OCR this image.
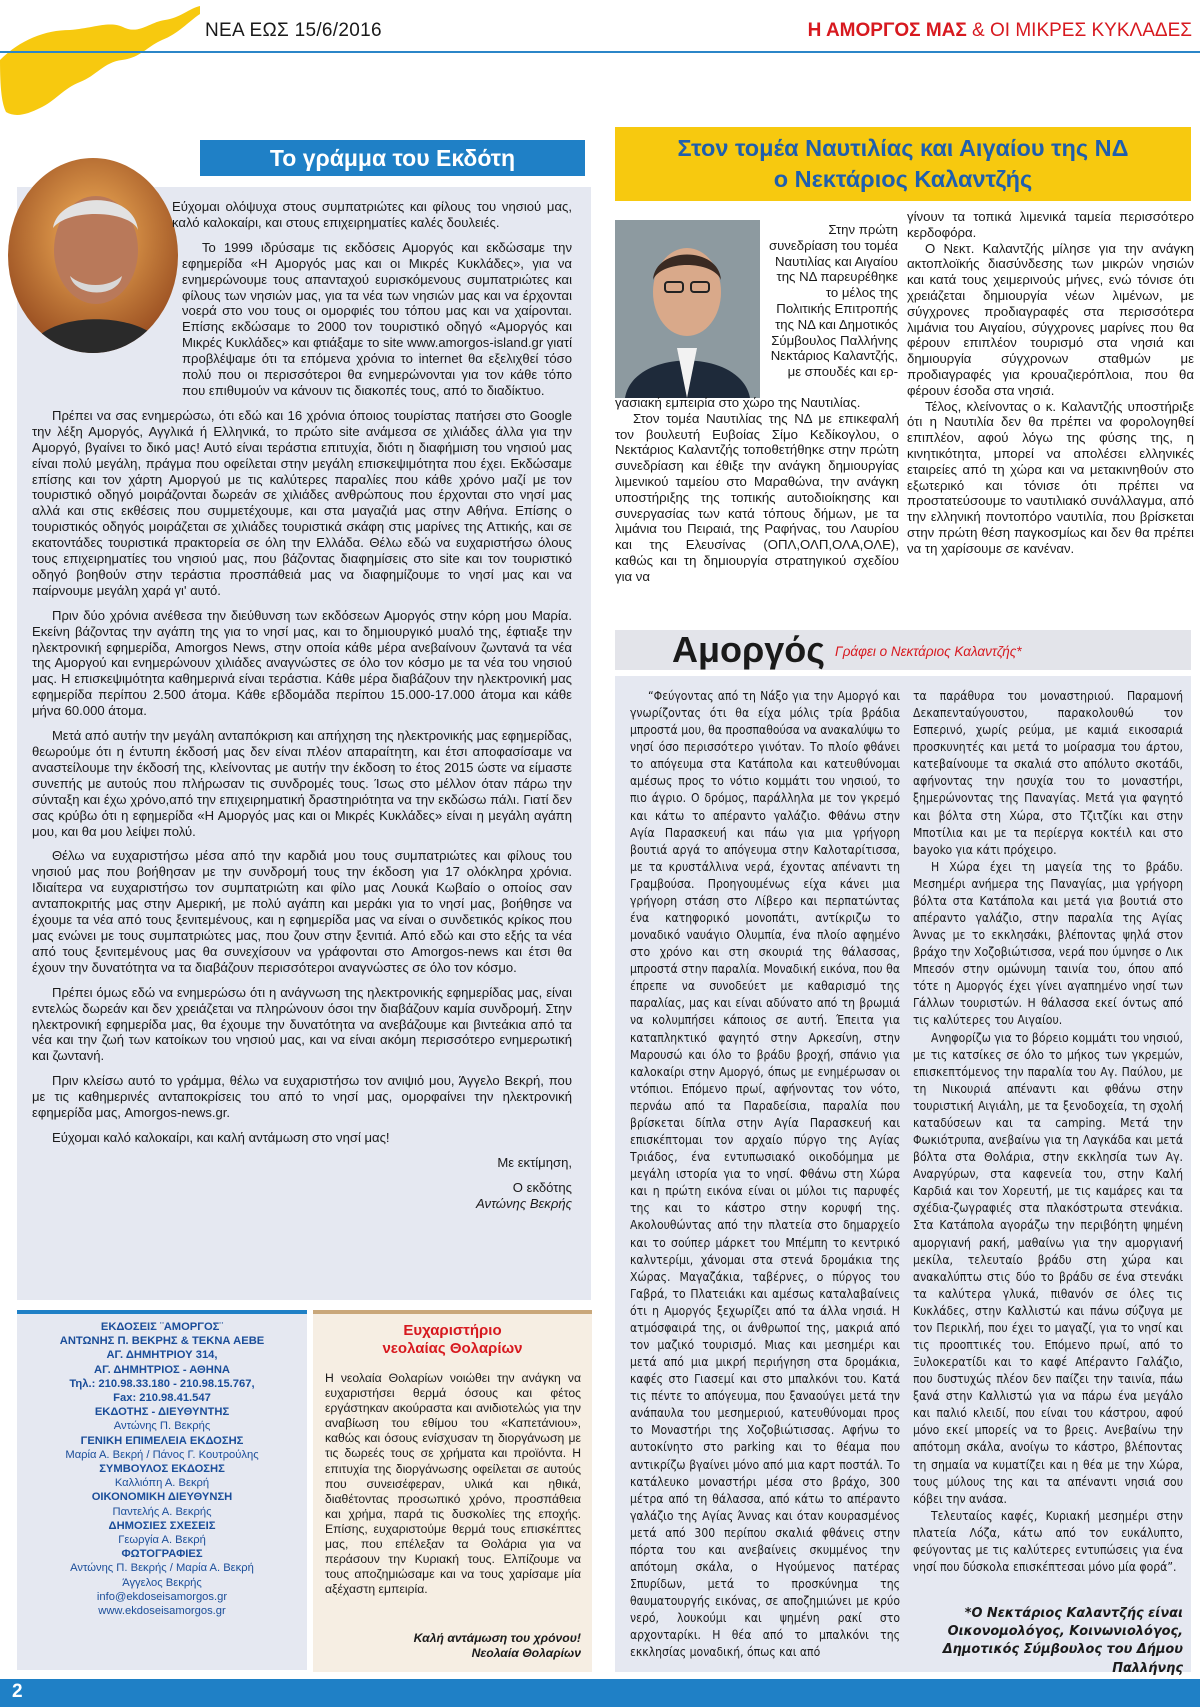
ΝΕΑ ΕΩΣ 15/6/2016	Η ΑΜΟΡΓΟΣ ΜΑΣ & ΟΙ ΜΙΚΡΕΣ ΚΥΚΛΑΔΕΣ
Το γράμμα του Εκδότη

Εύχομαι ολόψυχα στους συμπατριώτες και φίλους του νησιού μας, καλό καλοκαίρι, και στους επιχειρηματίες καλές δουλειές.

Το 1999 ιδρύσαμε τις εκδόσεις Αμοργός και εκδώσαμε την εφημερίδα «Η Αμοργός μας και οι Μικρές Κυκλάδες», για να ενημερώνουμε τους απανταχού ευρισκόμενους συμπατριώτες και φίλους των νησιών μας, για τα νέα των νησιών μας και να έρχονται νοερά στο νου τους οι ομορφιές του τόπου μας και να χαίρονται. Επίσης εκδώσαμε το 2000 τον τουριστικό οδηγό «Αμοργός και Μικρές Κυκλάδες» και φτιάξαμε το site www.amorgos-island.gr γιατί προβλέψαμε ότι τα επόμενα χρόνια το internet θα εξελιχθεί τόσο πολύ που οι περισσότεροι θα ενημερώνονται για τον κάθε τόπο που επιθυμούν να κάνουν τις διακοπές τους, από το διαδίκτυο.

Πρέπει να σας ενημερώσω, ότι εδώ και 16 χρόνια όποιος τουρίστας πατήσει στο Google την λέξη Αμοργός, Αγγλικά ή Ελληνικά, το πρώτο site ανάμεσα σε χιλιάδες άλλα για την Αμοργό, βγαίνει το δικό μας! Αυτό είναι τεράστια επιτυχία, διότι η διαφήμιση του νησιού μας είναι πολύ μεγάλη, πράγμα που οφείλεται στην μεγάλη επισκεψιμότητα που έχει. Εκδώσαμε επίσης και τον χάρτη Αμοργού με τις καλύτερες παραλίες που κάθε χρόνο μαζί με τον τουριστικό οδηγό μοιράζονται δωρεάν σε χιλιάδες ανθρώπους που έρχονται στο νησί μας αλλά και στις εκθέσεις που συμμετέχουμε, και στα μαγαζιά μας στην Αθήνα. Επίσης ο τουριστικός οδηγός μοιράζεται σε χιλιάδες τουριστικά σκάφη στις μαρίνες της Αττικής, και σε εκατοντάδες τουριστικά πρακτορεία σε όλη την Ελλάδα. Θέλω εδώ να ευχαριστήσω όλους τους επιχειρηματίες του νησιού μας, που βάζοντας διαφημίσεις στο site και τον τουριστικό οδηγό βοηθούν στην τεράστια προσπάθειά μας να διαφημίζουμε το νησί μας και να παίρνουμε μεγάλη χαρά γι' αυτό.

Πριν δύο χρόνια ανέθεσα την διεύθυνση των εκδόσεων Αμοργός στην κόρη μου Μαρία. Εκείνη βάζοντας την αγάπη της για το νησί μας, και το δημιουργικό μυαλό της, έφτιαξε την ηλεκτρονική εφημερίδα, Amorgos News, στην οποία κάθε μέρα ανεβαίνουν ζωντανά τα νέα της Αμοργού και ενημερώνουν χιλιάδες αναγνώστες σε όλο τον κόσμο με τα νέα του νησιού μας. Η επισκεψιμότητα καθημερινά είναι τεράστια. Κάθε μέρα διαβάζουν την ηλεκτρονική μας εφημερίδα περίπου 2.500 άτομα. Κάθε εβδομάδα περίπου 15.000-17.000 άτομα και κάθε μήνα 60.000 άτομα.

Μετά από αυτήν την μεγάλη ανταπόκριση και απήχηση της ηλεκτρονικής μας εφημερίδας, θεωρούμε ότι η έντυπη έκδοσή μας δεν είναι πλέον απαραίτητη, και έτσι αποφασίσαμε να αναστείλουμε την έκδοσή της, κλείνοντας με αυτήν την έκδοση το έτος 2015 ώστε να είμαστε συνεπής με αυτούς που πλήρωσαν τις συνδρομές τους. Ίσως στο μέλλον όταν πάρω την σύνταξη και έχω χρόνο,από την επιχειρηματική δραστηριότητα να την εκδώσω πάλι. Γιατί δεν σας κρύβω ότι η εφημερίδα «Η Αμοργός μας και οι Μικρές Κυκλάδες» είναι η μεγάλη αγάπη μου, και θα μου λείψει πολύ.

Θέλω να ευχαριστήσω μέσα από την καρδιά μου τους συμπατριώτες και φίλους του νησιού μας που βοήθησαν με την συνδρομή τους την έκδοση για 17 ολόκληρα χρόνια. Ιδιαίτερα να ευχαριστήσω τον συμπατριώτη και φίλο μας Λουκά Κωβαίο ο οποίος σαν ανταποκριτής μας στην Αμερική, με πολύ αγάπη και μεράκι για το νησί μας, βοήθησε να έχουμε τα νέα από τους ξενιτεμένους, και η εφημερίδα μας να είναι ο συνδετικός κρίκος που μας ενώνει με τους συμπατριώτες μας, που ζουν στην ξενιτιά. Από εδώ και στο εξής τα νέα από τους ξενιτεμένους μας θα συνεχίσουν να γράφονται στο Amorgos-news και έτσι θα έχουν την δυνατότητα να τα διαβάζουν περισσότεροι αναγνώστες σε όλο τον κόσμο.

Πρέπει όμως εδώ να ενημερώσω ότι η ανάγνωση της ηλεκτρονικής εφημερίδας μας, είναι εντελώς δωρεάν και δεν χρειάζεται να πληρώνουν όσοι την διαβάζουν καμία συνδρομή. Στην ηλεκτρονική εφημερίδα μας, θα έχουμε την δυνατότητα να ανεβάζουμε και βιντεάκια από τα νέα και την ζωή των κατοίκων του νησιού μας, και να είναι ακόμη περισσότερο ενημερωτική και ζωντανή.

Πριν κλείσω αυτό το γράμμα, θέλω να ευχαριστήσω τον ανιψιό μου, Άγγελο Βεκρή, που με τις καθημερινές ανταποκρίσεις του από το νησί μας, ομορφαίνει την ηλεκτρονική εφημερίδα μας, Amorgos-news.gr.

Εύχομαι καλό καλοκαίρι, και καλή αντάμωση στο νησί μας!

Με εκτίμηση,

Ο εκδότης

Αντώνης Βεκρής

ΕΚΔΟΣΕΙΣ ¨ΑΜΟΡΓΟΣ¨
ΑΝΤΩΝΗΣ Π. ΒΕΚΡΗΣ & ΤΕΚΝΑ ΑΕΒΕ
ΑΓ. ΔΗΜΗΤΡΙΟΥ 314,
ΑΓ. ΔΗΜΗΤΡΙΟΣ - ΑΘΗΝΑ
Τηλ.: 210.98.33.180 - 210.98.15.767,
Fax: 210.98.41.547
ΕΚΔΟΤΗΣ - ΔΙΕΥΘΥΝΤΗΣ
Αντώνης Π. Βεκρής
ΓΕΝΙΚΗ ΕΠΙΜΕΛΕΙΑ ΕΚΔΟΣΗΣ
Μαρία Α. Βεκρή / Πάνος Γ. Κουτρούλης
ΣΥΜΒΟΥΛΟΣ ΕΚΔΟΣΗΣ
Καλλιόπη Α. Βεκρή
ΟΙΚΟΝΟΜΙΚΗ ΔΙΕΥΘΥΝΣΗ
Παντελής Α. Βεκρής
ΔΗΜΟΣΙΕΣ ΣΧΕΣΕΙΣ
Γεωργία Α. Βεκρή
ΦΩΤΟΓΡΑΦΙΕΣ
Αντώνης Π. Βεκρής / Μαρία Α. Βεκρή
Άγγελος Βεκρής
info@ekdoseisamorgos.gr
www.ekdoseisamorgos.gr
Ευχαριστήριο
νεολαίας Θολαρίων
Η νεολαία Θολαρίων νοιώθει την ανάγκη να ευχαριστήσει θερμά όσους και φέτος εργάστηκαν ακούραστα και ανιδιοτελώς για την αναβίωση του εθίμου του «Καπετάνιου», καθώς και όσους ενίσχυσαν τη διοργάνωση με τις δωρεές τους σε χρήματα και προϊόντα. Η επιτυχία της διοργάνωσης οφείλεται σε αυτούς που συνεισέφεραν, υλικά και ηθικά, διαθέτοντας προσωπικό χρόνο, προσπάθεια και χρήμα, παρά τις δυσκολίες της εποχής. Επίσης, ευχαριστούμε θερμά τους επισκέπτες μας, που επέλεξαν τα Θολάρια για να περάσουν την Κυριακή τους. Ελπίζουμε να τους αποζημιώσαμε και να τους χαρίσαμε μία αξέχαστη εμπειρία.
Καλή αντάμωση του χρόνου!
Νεολαία Θολαρίων
Στον τομέα Ναυτιλίας και Αιγαίου της ΝΔ
ο Νεκτάριος Καλαντζής

Στην πρώτη συνεδρίαση του τομέα Ναυτιλίας και Αιγαίου της ΝΔ παρευρέθηκε το μέλος της Πολιτικής Επιτροπής της ΝΔ και Δημοτικός Σύμβουλος Παλλήνης Νεκτάριος Καλαντζής, με σπουδές και ερ-

γασιακή εμπειρία στο χώρο της Ναυτιλίας.

Στον τομέα Ναυτιλίας της ΝΔ με επικεφαλή τον βουλευτή Ευβοίας Σίμο Κεδίκογλου, ο Νεκτάριος Καλαντζής τοποθετήθηκε στην πρώτη συνεδρίαση και έθιξε την ανάγκη δημιουργίας λιμενικού ταμείου στο Μαραθώνα, την ανάγκη υποστήριξης της τοπικής αυτοδιοίκησης και συνεργασίας των κατά τόπους δήμων, με τα λιμάνια του Πειραιά, της Ραφήνας, του Λαυρίου και της Ελευσίνας (ΟΠΛ,ΟΛΠ,ΟΛΑ,ΟΛΕ), καθώς και τη δημιουργία στρατηγικού σχεδίου για να

γίνουν τα τοπικά λιμενικά ταμεία περισσότερο κερδοφόρα.

Ο Νεκτ. Καλαντζής μίλησε για την ανάγκη ακτοπλοϊκής διασύνδεσης των μικρών νησιών και κατά τους χειμερινούς μήνες, ενώ τόνισε ότι χρειάζεται δημιουργία νέων λιμένων, με σύγχρονες προδιαγραφές στα περισσότερα λιμάνια του Αιγαίου, σύγχρονες μαρίνες που θα φέρουν επιπλέον τουρισμό στα νησιά και δημιουργία σύγχρονων σταθμών με προδιαγραφές για κρουαζιερόπλοια, που θα φέρουν έσοδα στα νησιά.

Τέλος, κλείνοντας ο κ. Καλαντζής υποστήριξε ότι η Ναυτιλία δεν θα πρέπει να φορολογηθεί επιπλέον, αφού λόγω της φύσης της, η κινητικότητα, μπορεί να απολέσει ελληνικές εταιρείες από τη χώρα και να μετακινηθούν στο εξωτερικό και τόνισε ότι πρέπει να προστατεύσουμε το ναυτιλιακό συνάλλαγμα, από την ελληνική ποντοπόρο ναυτιλία, που βρίσκεται στην πρώτη θέση παγκοσμίως και δεν θα πρέπει να τη χαρίσουμε σε κανέναν.

Αμοργός Γράφει ο Νεκτάριος Καλαντζής*

“Φεύγοντας από τη Νάξο για την Αμοργό και γνωρίζοντας ότι θα είχα μόλις τρία βράδια μπροστά μου, θα προσπαθούσα να ανακαλύψω το νησί όσο περισσότερο γινόταν. Το πλοίο φθάνει το απόγευμα στα Κατάπολα και κατευθύνομαι αμέσως προς το νότιο κομμάτι του νησιού, το πιο άγριο. Ο δρόμος, παράλληλα με τον γκρεμό και κάτω το απέραντο γαλάζιο. Φθάνω στην Αγία Παρασκευή και πάω για μια γρήγορη βουτιά αργά το απόγευμα στην Καλοταρίτισσα, με τα κρυστάλλινα νερά, έχοντας απέναντι τη Γραμβούσα. Προηγουμένως είχα κάνει μια γρήγορη στάση στο Λίβερο και περπατώντας ένα κατηφορικό μονοπάτι, αντίκριζω το μοναδικό ναυάγιο Ολυμπία, ένα πλοίο αφημένο στο χρόνο και στη σκουριά της θάλασσας, μπροστά στην παραλία. Μοναδική εικόνα, που θα έπρεπε να συνοδεύετ με καθαρισμό της παραλίας, μας και είναι αδύνατο από τη βρωμιά να κολυμπήσει κάποιος σε αυτή. Έπειτα για καταπληκτικό φαγητό στην Αρκεσίνη, στην Μαρουσώ και όλο το βράδυ βροχή, σπάνιο για καλοκαίρι στην Αμοργό, όπως με ενημέρωσαν οι ντόπιοι. Επόμενο πρωί, αφήνοντας τον νότο, περνάω από τα Παραδείσια, παραλία που βρίσκεται δίπλα στην Αγία Παρασκευή και επισκέπτομαι τον αρχαίο πύργο της Αγίας Τριάδος, ένα εντυπωσιακό οικοδόμημα με μεγάλη ιστορία για το νησί. Φθάνω στη Χώρα και η πρώτη εικόνα είναι οι μύλοι τις παρυφές της και το κάστρο στην κορυφή της. Ακολουθώντας από την πλατεία στο δημαρχείο και το σούπερ μάρκετ του Μπέμπη το κεντρικό καλντερίμι, χάνομαι στα στενά δρομάκια της Χώρας. Μαγαζάκια, ταβέρνες, ο πύργος του Γαβρά, το Πλατειάκι και αμέσως καταλαβαίνεις ότι η Αμοργός ξεχωρίζει από τα άλλα νησιά. Η ατμόσφαιρά της, οι άνθρωποί της, μακριά από τον μαζικό τουρισμό. Μιας και μεσημέρι και μετά από μια μικρή περιήγηση στα δρομάκια, καφές στο Γιασεμί και στο μπαλκόνι του. Κατά τις πέντε το απόγευμα, που ξαναούγει μετά την ανάπαυλα του μεσημεριού, κατευθύνομαι προς το Μοναστήρι της Χοζοβιώτισσας. Αφήνω το αυτοκίνητο στο parking και το θέαμα που αντικρίζω βγαίνει μόνο από μια καρτ ποστάλ. Το κατάλευκο μοναστήρι μέσα στο βράχο, 300 μέτρα από τη θάλασσα, από κάτω το απέραντο γαλάζιο της Αγίας Άννας και όταν κουρασμένος μετά από 300 περίπου σκαλιά φθάνεις στην πόρτα του και ανεβαίνεις σκυμμένος την απότομη σκάλα, ο Ηγούμενος πατέρας Σπυρίδων, μετά το προσκύνημα της θαυματουργής εικόνας, σε αποζημιώνει με κρύο νερό, λουκούμι και ψημένη ρακί στο αρχονταρίκι. Η θέα από το μπαλκόνι της εκκλησίας μοναδική, όπως και από

τα παράθυρα του μοναστηριού. Παραμονή Δεκαπενταύγουστου, παρακολουθώ τον Εσπερινό, χωρίς ρεύμα, με καμιά εικοσαριά προσκυνητές και μετά το μοίρασμα του άρτου, κατεβαίνουμε τα σκαλιά στο απόλυτο σκοτάδι, αφήνοντας την ησυχία του το μοναστήρι, ξημερώνοντας της Παναγίας. Μετά για φαγητό και βόλτα στη Χώρα, στο Τζιτζίκι και στην Μποτίλια και με τα περίεργα κοκτέιλ και στο bayoko για κάτι πρόχειρο.

Η Χώρα έχει τη μαγεία της το βράδυ. Μεσημέρι ανήμερα της Παναγίας, μια γρήγορη βόλτα στα Κατάπολα και μετά για βουτιά στο απέραντο γαλάζιο, στην παραλία της Αγίας Άννας με το εκκλησάκι, βλέποντας ψηλά στον βράχο την Χοζοβιώτισσα, νερά που ύμνησε ο Λικ Μπεσόν στην ομώνυμη ταινία του, όπου από τότε η Αμοργός έχει γίνει αγαπημένο νησί των Γάλλων τουριστών. Η θάλασσα εκεί όντως από τις καλύτερες του Αιγαίου.

Ανηφορίζω για το βόρειο κομμάτι του νησιού, με τις κατσίκες σε όλο το μήκος των γκρεμών, επισκεπτόμενος την παραλία του Αγ. Παύλου, με τη Νικουριά απέναντι και φθάνω στην τουριστική Αιγιάλη, με τα ξενοδοχεία, τη σχολή καταδύσεων και τα camping. Μετά την Φωκιότρυπα, ανεβαίνω για τη Λαγκάδα και μετά βόλτα στα Θολάρια, στην εκκλησία των Αγ. Αναργύρων, στα καφενεία του, στην Καλή Καρδιά και τον Χορευτή, με τις καμάρες και τα σχέδια-ζωγραφιές στα πλακόστρωτα στενάκια. Στα Κατάπολα αγοράζω την περιβόητη ψημένη αμοργιανή ρακή, μαθαίνω για την αμοργιανή μεκίλα, τελευταίο βράδυ στη χώρα και ανακαλύπτω στις δύο το βράδυ σε ένα στενάκι τα καλύτερα γλυκά, πιθανόν σε όλες τις Κυκλάδες, στην Καλλιστώ και πάνω σύζυγα με τον Περικλή, που έχει το μαγαζί, για το νησί και τις προοπτικές του. Επόμενο πρωί, από το Ξυλοκερατίδι και το καφέ Απέραντο Γαλάζιο, που δυστυχώς πλέον δεν παίζει την ταινία, πάω ξανά στην Καλλιστώ για να πάρω ένα μεγάλο και παλιό κλειδί, που είναι του κάστρου, αφού μόνο εκεί μπορείς να το βρεις. Ανεβαίνω την απότομη σκάλα, ανοίγω το κάστρο, βλέποντας τη σημαία να κυματίζει και η θέα με την Χώρα, τους μύλους της και τα απέναντι νησιά σου κόβει την ανάσα.

Τελευταίος καφές, Κυριακή μεσημέρι στην πλατεία Λόζα, κάτω από τον ευκάλυπτο, φεύγοντας με τις καλύτερες εντυπώσεις για ένα νησί που δύσκολα επισκέπτεσαι μόνο μία φορά”.

*Ο Νεκτάριος Καλαντζής είναι Οικονομολόγος, Κοινωνιολόγος, Δημοτικός Σύμβουλος του Δήμου Παλλήνης
2
